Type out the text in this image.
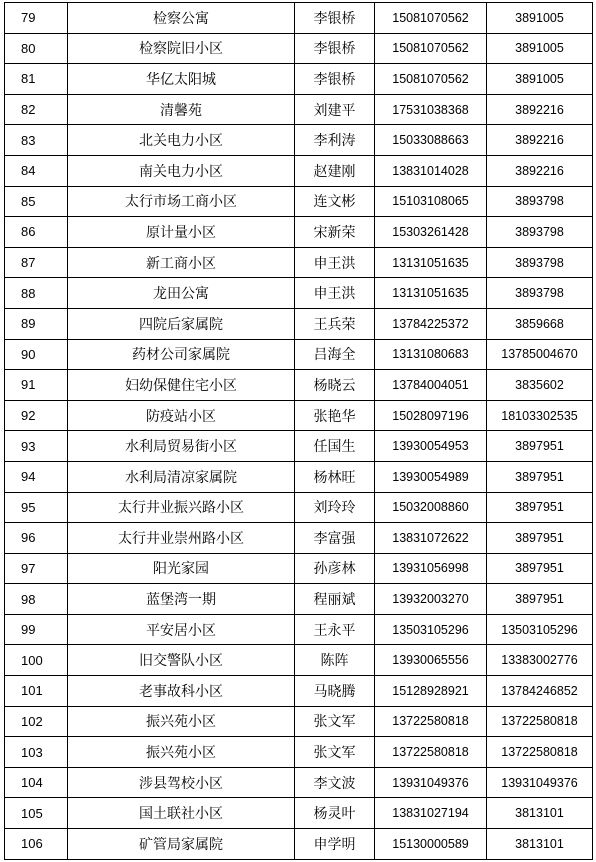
79	检察公寓	李银桥	15081070562	3891005
80	检察院旧小区	李银桥	15081070562	3891005
81	华亿太阳城	李银桥	15081070562	3891005
82	清馨苑	刘建平	17531038368	3892216
83	北关电力小区	李利涛	15033088663	3892216
84	南关电力小区	赵建刚	13831014028	3892216
85	太行市场工商小区	连文彬	15103108065	3893798
86	原计量小区	宋新荣	15303261428	3893798
87	新工商小区	申王洪	13131051635	3893798
88	龙田公寓	申王洪	13131051635	3893798
89	四院后家属院	王兵荣	13784225372	3859668
90	药材公司家属院	吕海全	13131080683	13785004670
91	妇幼保健住宅小区	杨晓云	13784004051	3835602
92	防疫站小区	张艳华	15028097196	18103302535
93	水利局贸易街小区	任国生	13930054953	3897951
94	水利局清凉家属院	杨林旺	13930054989	3897951
95	太行井业振兴路小区	刘玲玲	15032008860	3897951
96	太行井业崇州路小区	李富强	13831072622	3897951
97	阳光家园	孙彦林	13931056998	3897951
98	蓝堡湾一期	程丽斌	13932003270	3897951
99	平安居小区	王永平	13503105296	13503105296
100	旧交警队小区	陈阵	13930065556	13383002776
101	老事故科小区	马晓腾	15128928921	13784246852
102	振兴苑小区	张文军	13722580818	13722580818
103	振兴苑小区	张文军	13722580818	13722580818
104	涉县驾校小区	李文波	13931049376	13931049376
105	国土联社小区	杨灵叶	13831027194	3813101
106	矿管局家属院	申学明	15130000589	3813101
